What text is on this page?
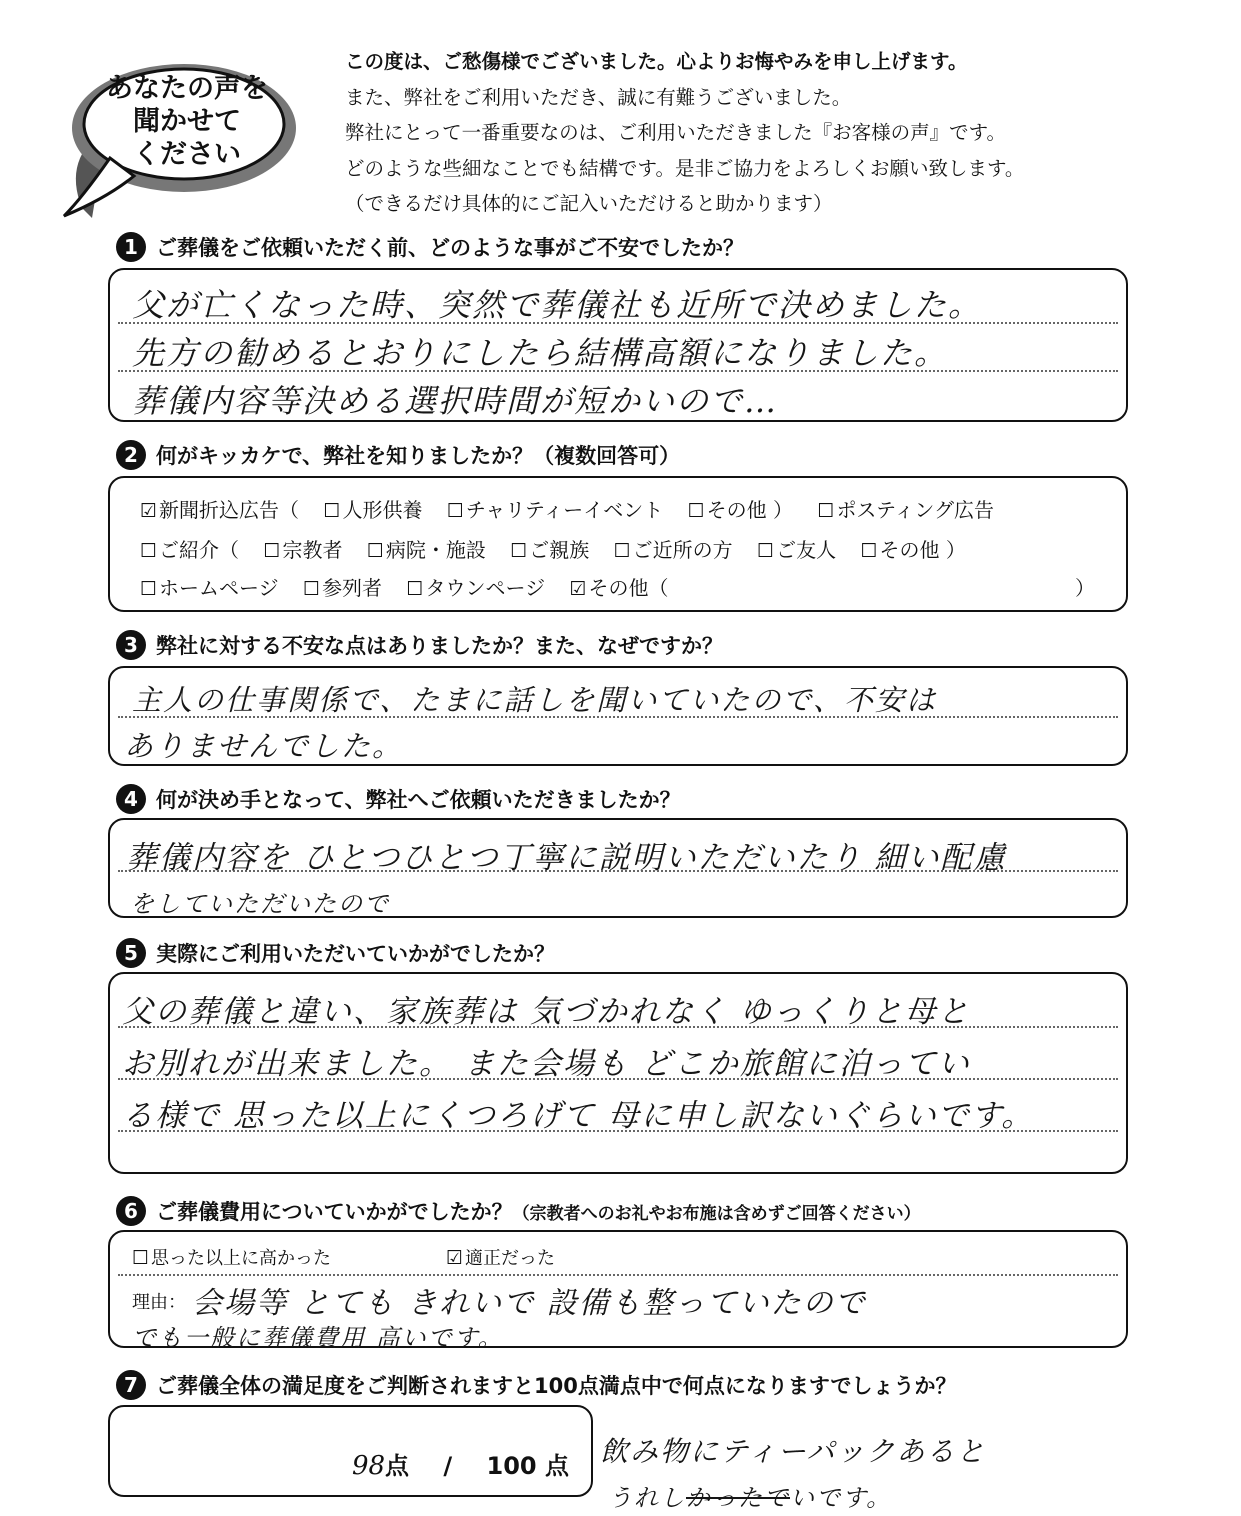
あなたの声を
聞かせて
ください
この度は、ご愁傷様でございました。心よりお悔やみを申し上げます。
また、弊社をご利用いただき、誠に有難うございました。
弊社にとって一番重要なのは、ご利用いただきました『お客様の声』です。
どのような些細なことでも結構です。是非ご協力をよろしくお願い致します。
（できるだけ具体的にご記入いただけると助かります）
1 ご葬儀をご依頼いただく前、どのような事がご不安でしたか？
父が亡くなった時、突然で葬儀社も近所で決めました。
先方の勧めるとおりにしたら結構高額になりました。
葬儀内容等決める選択時間が短かいので…
2 何がキッカケで、弊社を知りましたか？（複数回答可）
☑ 新聞折込広告（ ☐ 人形供養 ☐ チャリティーイベント ☐ その他 ） ☐ ポスティング広告
☐ ご紹介（ ☐ 宗教者 ☐ 病院・施設 ☐ ご親族 ☐ ご近所の方 ☐ ご友人 ☐ その他 ）
☐ ホームページ ☐ 参列者 ☐ タウンページ ☑ その他（	）
3 弊社に対する不安な点はありましたか？また、なぜですか？
主人の仕事関係で、たまに話しを聞いていたので、不安は
ありませんでした。
4 何が決め手となって、弊社へご依頼いただきましたか？
葬儀内容を ひとつひとつ丁寧に説明いただいたり 細い配慮
をしていただいたので
5 実際にご利用いただいていかがでしたか？
父の葬儀と違い、家族葬は 気づかれなく ゆっくりと母と
お別れが出来ました。 また会場も どこか旅館に泊ってい
る様で 思った以上にくつろげて 母に申し訳ないぐらいです。
6 ご葬儀費用についていかがでしたか？ （宗教者へのお礼やお布施は含めずご回答ください）
☐ 思った以上に高かった	☑ 適正だった
理由： 会場等 とても きれいで 設備も整っていたので
でも一般に葬儀費用 高いです。
7 ご葬儀全体の満足度をご判断されますと100点満点中で何点になりますでしょうか？
98点 / 100 点 飲み物にティーパックあると
うれしかったでいです。
